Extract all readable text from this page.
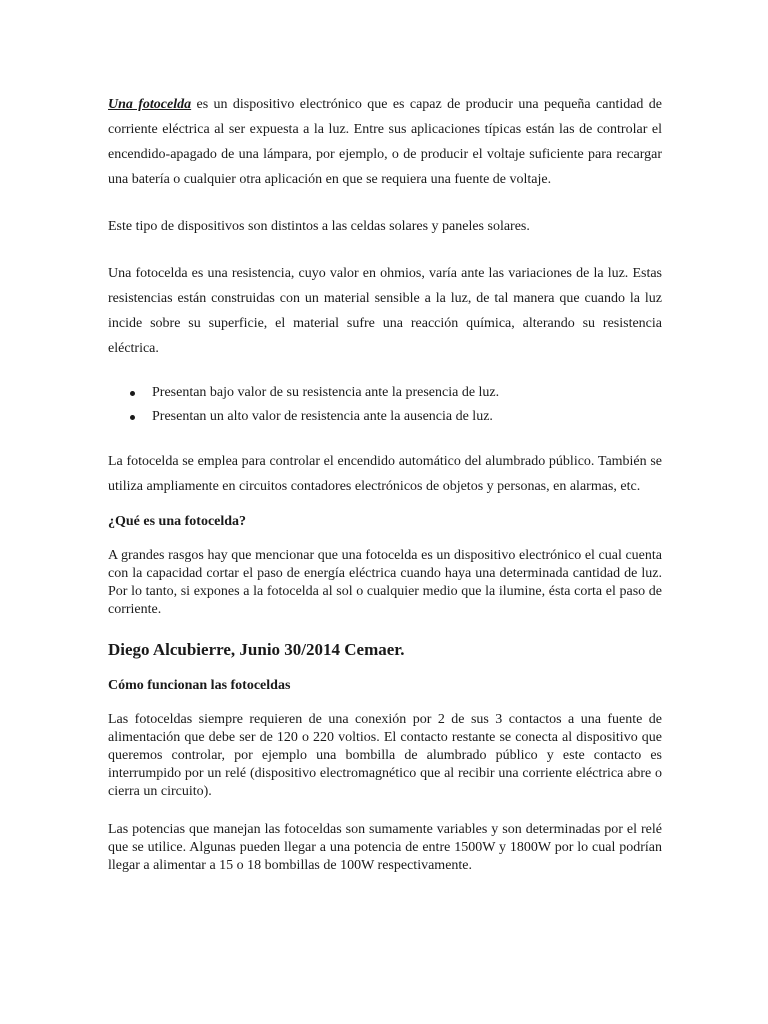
Una fotocelda es un dispositivo electrónico que es capaz de producir una pequeña cantidad de corriente eléctrica al ser expuesta a la luz. Entre sus aplicaciones típicas están las de controlar el encendido-apagado de una lámpara, por ejemplo, o de producir el voltaje suficiente para recargar una batería o cualquier otra aplicación en que se requiera una fuente de voltaje.

Este tipo de dispositivos son distintos a las celdas solares y paneles solares.

Una fotocelda es una resistencia, cuyo valor en ohmios, varía ante las variaciones de la luz. Estas resistencias están construidas con un material sensible a la luz, de tal manera que cuando la luz incide sobre su superficie, el material sufre una reacción química, alterando su resistencia eléctrica.

Presentan bajo valor de su resistencia ante la presencia de luz.
Presentan un alto valor de resistencia ante la ausencia de luz.

La fotocelda se emplea para controlar el encendido automático del alumbrado público. También se utiliza ampliamente en circuitos contadores electrónicos de objetos y personas, en alarmas, etc.

¿Qué es una fotocelda?

A grandes rasgos hay que mencionar que una fotocelda es un dispositivo electrónico el cual cuenta con la capacidad cortar el paso de energía eléctrica cuando haya una determinada cantidad de luz. Por lo tanto, si expones a la fotocelda al sol o cualquier medio que la ilumine, ésta corta el paso de corriente.

Diego Alcubierre, Junio 30/2014 Cemaer.
Cómo funcionan las fotoceldas

Las fotoceldas siempre requieren de una conexión por 2 de sus 3 contactos a una fuente de alimentación que debe ser de 120 o 220 voltios. El contacto restante se conecta al dispositivo que queremos controlar, por ejemplo una bombilla de alumbrado público y este contacto es interrumpido por un relé (dispositivo electromagnético que al recibir una corriente eléctrica abre o cierra un circuito).

Las potencias que manejan las fotoceldas son sumamente variables y son determinadas por el relé que se utilice. Algunas pueden llegar a una potencia de entre 1500W y 1800W por lo cual podrían llegar a alimentar a 15 o 18 bombillas de 100W respectivamente.
